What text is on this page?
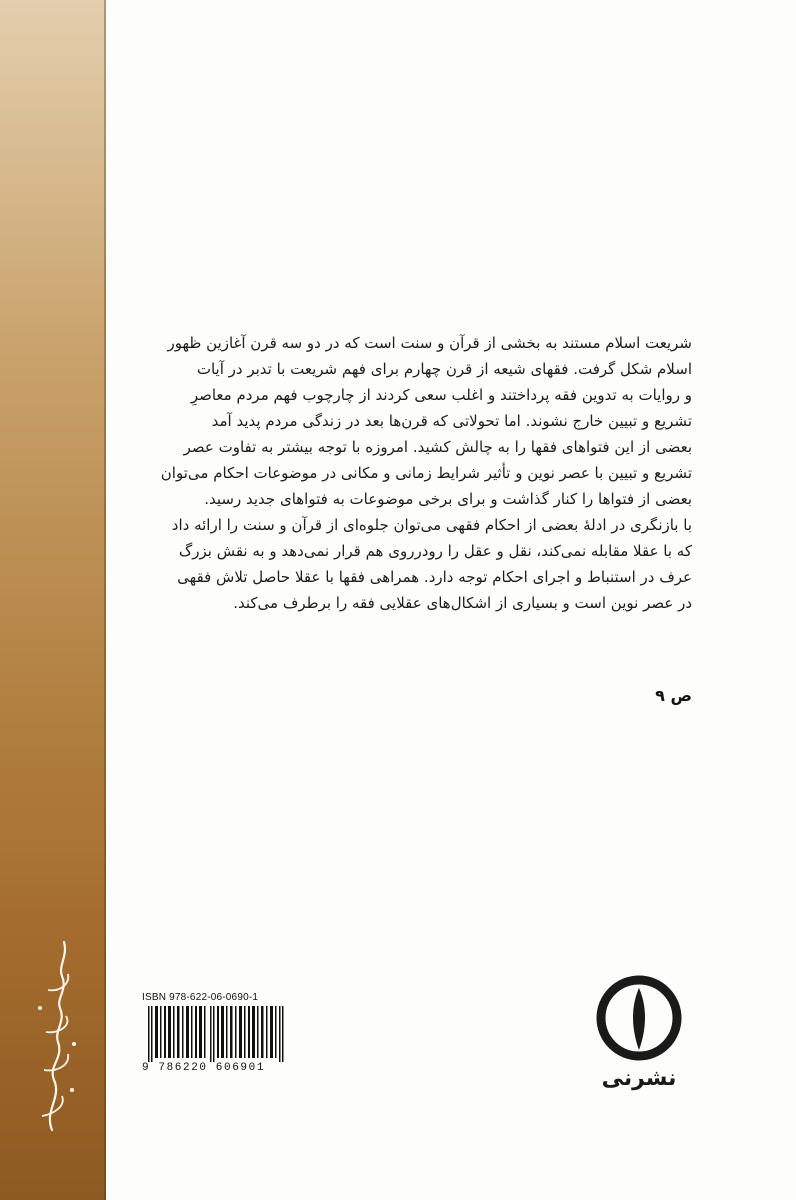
شریعت اسلام مستند به بخشی از قرآن و سنت است که در دو سه قرن آغازین ظهور

اسلام شکل گرفت. فقهای شیعه از قرن چهارم برای فهم شریعت با تدبر در آیات

و روایات به تدوین فقه پرداختند و اغلب سعی کردند از چارچوب فهم مردم معاصرِ

تشریع و تبیین خارج نشوند. اما تحولاتی که قرن‌ها بعد در زندگی مردم پدید آمد

بعضی از این فتواهای فقها را به چالش کشید. امروزه با توجه بیشتر به تفاوت عصر

تشریع و تبیین با عصر نوین و تأثیر شرایط زمانی و مکانی در موضوعات احکام می‌توان

بعضی از فتواها را کنار گذاشت و برای برخی موضوعات به فتواهای جدید رسید.

با بازنگری در ادلهٔ بعضی از احکام فقهی می‌توان جلوه‌ای از قرآن و سنت را ارائه داد

که با عقلا مقابله نمی‌کند، نقل و عقل را رودرروی هم قرار نمی‌دهد و به نقش بزرگ

عرف در استنباط و اجرای احکام توجه دارد. همراهی فقها با عقلا حاصل تلاش فقهی

در عصر نوین است و بسیاری از اشکال‌های عقلایی فقه را برطرف می‌کند.

ص ۹
ISBN 978-622-06-0690-1
9 786220 606901	نشرنی
